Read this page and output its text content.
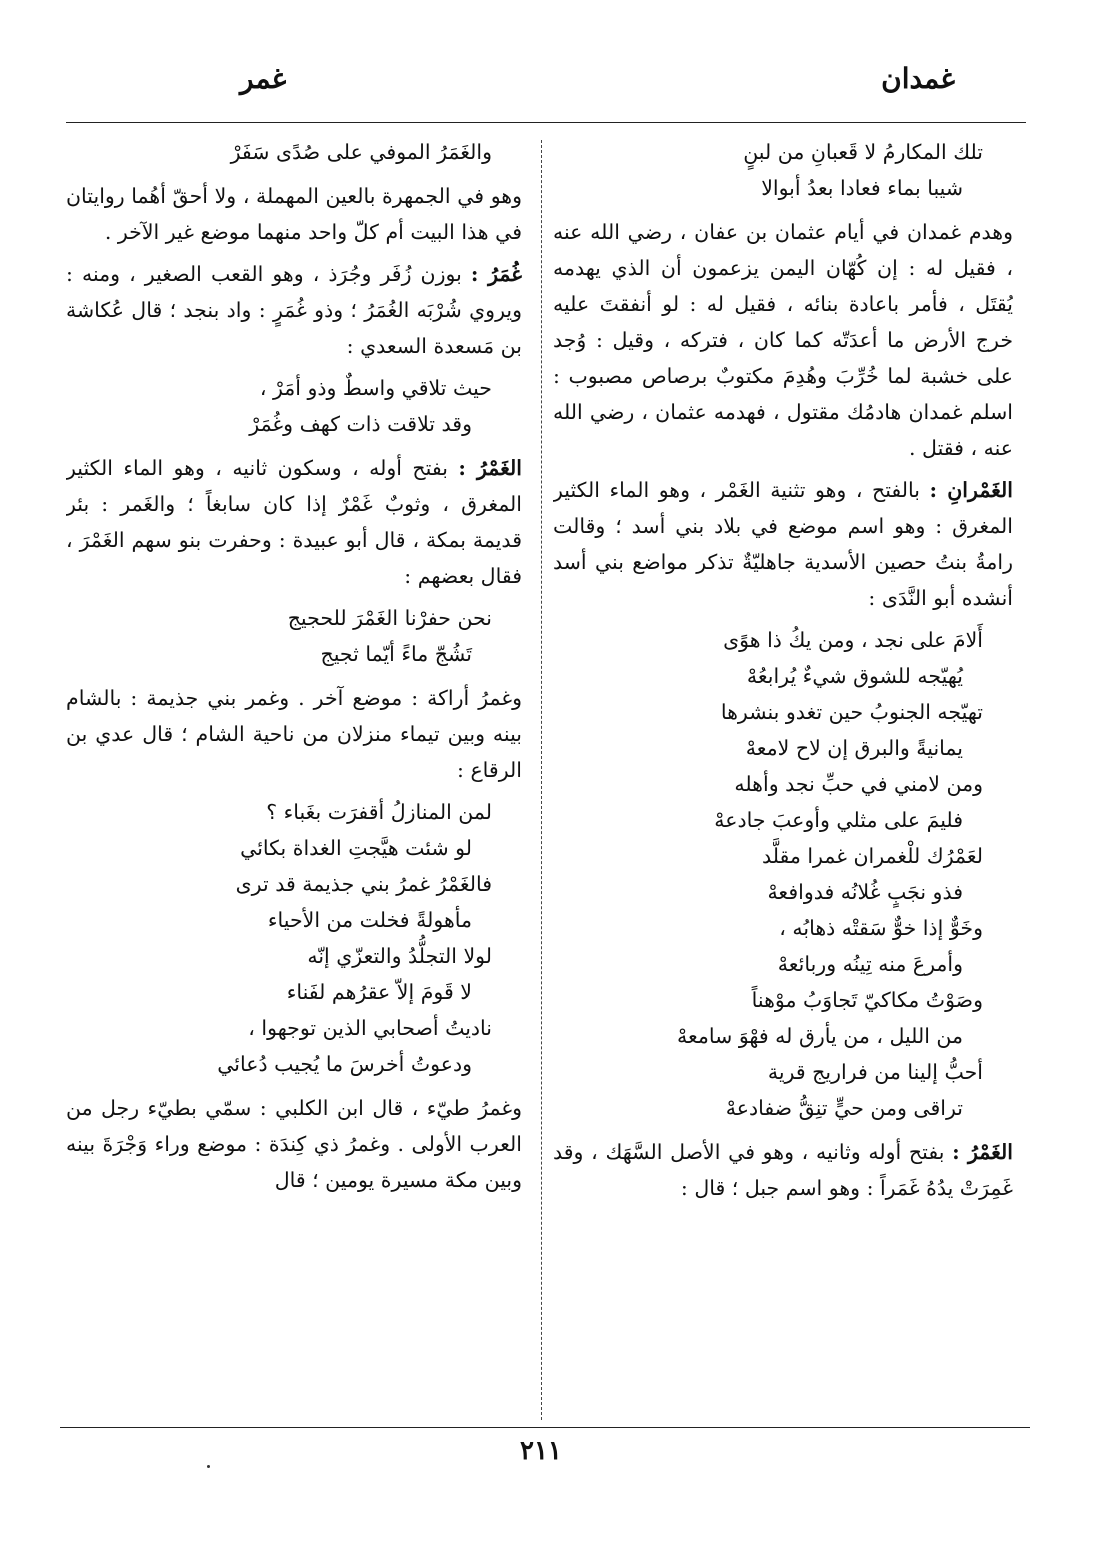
غمدان
غمر
تلك المكارمُ لا قَعبانِ من لبنٍ
شيبا بماء فعادا بعدُ أبوالا

وهدم غمدان في أيام عثمان بن عفان ، رضي الله عنه ، فقيل له : إن كُهّان اليمن يزعمون أن الذي يهدمه يُقتَل ، فأمر باعادة بنائه ، فقيل له : لو أنفقتَ عليه خرج الأرض ما أعدَتّه كما كان ، فتركه ، وقيل : وُجد على خشبة لما خُرِّبَ وهُدِمَ مكتوبٌ برصاص مصبوب : اسلم غمدان هادمُك مقتول ، فهدمه عثمان ، رضي الله عنه ، فقتل .

الغَمْرانِ : بالفتح ، وهو تثنية الغَمْر ، وهو الماء الكثير المغرق : وهو اسم موضع في بلاد بني أسد ؛ وقالت رامةُ بنتُ حصين الأسدية جاهليّةٌ تذكر مواضع بني أسد أنشده أبو النَّدَى :

أَلامَ على نجد ، ومن يكُ ذا هوًى
يُهيّجه للشوق شيءٌ يُرابعُهْ
تهيّجه الجنوبُ حين تغدو بنشرها
يمانيةً والبرق إن لاح لامعهْ
ومن لامني في حبِّ نجد وأهله
فليمَ على مثلي وأوعبَ جادعهْ
لعَمْرُك للْغمران غمرا مقلَّد
فذو نجَبٍ غُلانُه فدوافعهْ
وخَوٌّ إذا خوٌّ سَقتْه ذهابُه ،
وأمرعَ منه تِينُه وربائعهْ
وصَوْتُ مكاكيّ تَجاوَبُ موْهناً
من الليل ، من يأرق له فهْوَ سامعهْ
أحبُّ إلينا من فراريج قرية
تراقى ومن حيٍّ تنِقُّ ضفادعهْ

الغَمْرُ : بفتح أوله وثانيه ، وهو في الأصل السَّهَك ، وقد غَمِرَتْ يدُهُ غَمَراً : وهو اسم جبل ؛ قال :

والغَمَرُ الموفي على صُدًى سَفَرْ

وهو في الجمهرة بالعين المهملة ، ولا أحقّ أهُما روايتان في هذا البيت أم كلّ واحد منهما موضع غير الآخر .

غُمَرُ : بوزن زُفَر وجُرَذ ، وهو القعب الصغير ، ومنه : ويروي شُرْبَه الغُمَرُ ؛ وذو غُمَرٍ : واد بنجد ؛ قال عُكاشة بن مَسعدة السعدي :

حيث تلاقي واسطٌ وذو أمَرْ ،
وقد تلاقت ذات كهف وغُمَرْ

الغَمْرُ : بفتح أوله ، وسكون ثانيه ، وهو الماء الكثير المغرق ، وثوبٌ غَمْرٌ إذا كان سابغاً ؛ والغَمر : بئر قديمة بمكة ، قال أبو عبيدة : وحفرت بنو سهم الغَمْرَ ، فقال بعضهم :

نحن حفرْنا الغَمْرَ للحجيج
تَشُجّ ماءً أيّما ثجيج

وغمرُ أراكة : موضع آخر . وغمر بني جذيمة : بالشام بينه وبين تيماء منزلان من ناحية الشام ؛ قال عدي بن الرقاع :

لمن المنازلُ أقفرَت بغَباء ؟
لو شئت هيَّجتِ الغداة بكائي
فالغَمْرُ غمرُ بني جذيمة قد ترى
مأهولةً فخلت من الأحياء
لولا التجلُّدُ والتعزّي إنّه
لا قَومَ إلاّ عقرُهم لفَناء
ناديتُ أصحابي الذين توجهوا ،
ودعوتُ أخرسَ ما يُجيب دُعائي

وغمرُ طيّء ، قال ابن الكلبي : سمّي بطيّء رجل من العرب الأولى . وغمرُ ذي كِندَة : موضع وراء وَجْرَةَ بينه وبين مكة مسيرة يومين ؛ قال

٢١١
